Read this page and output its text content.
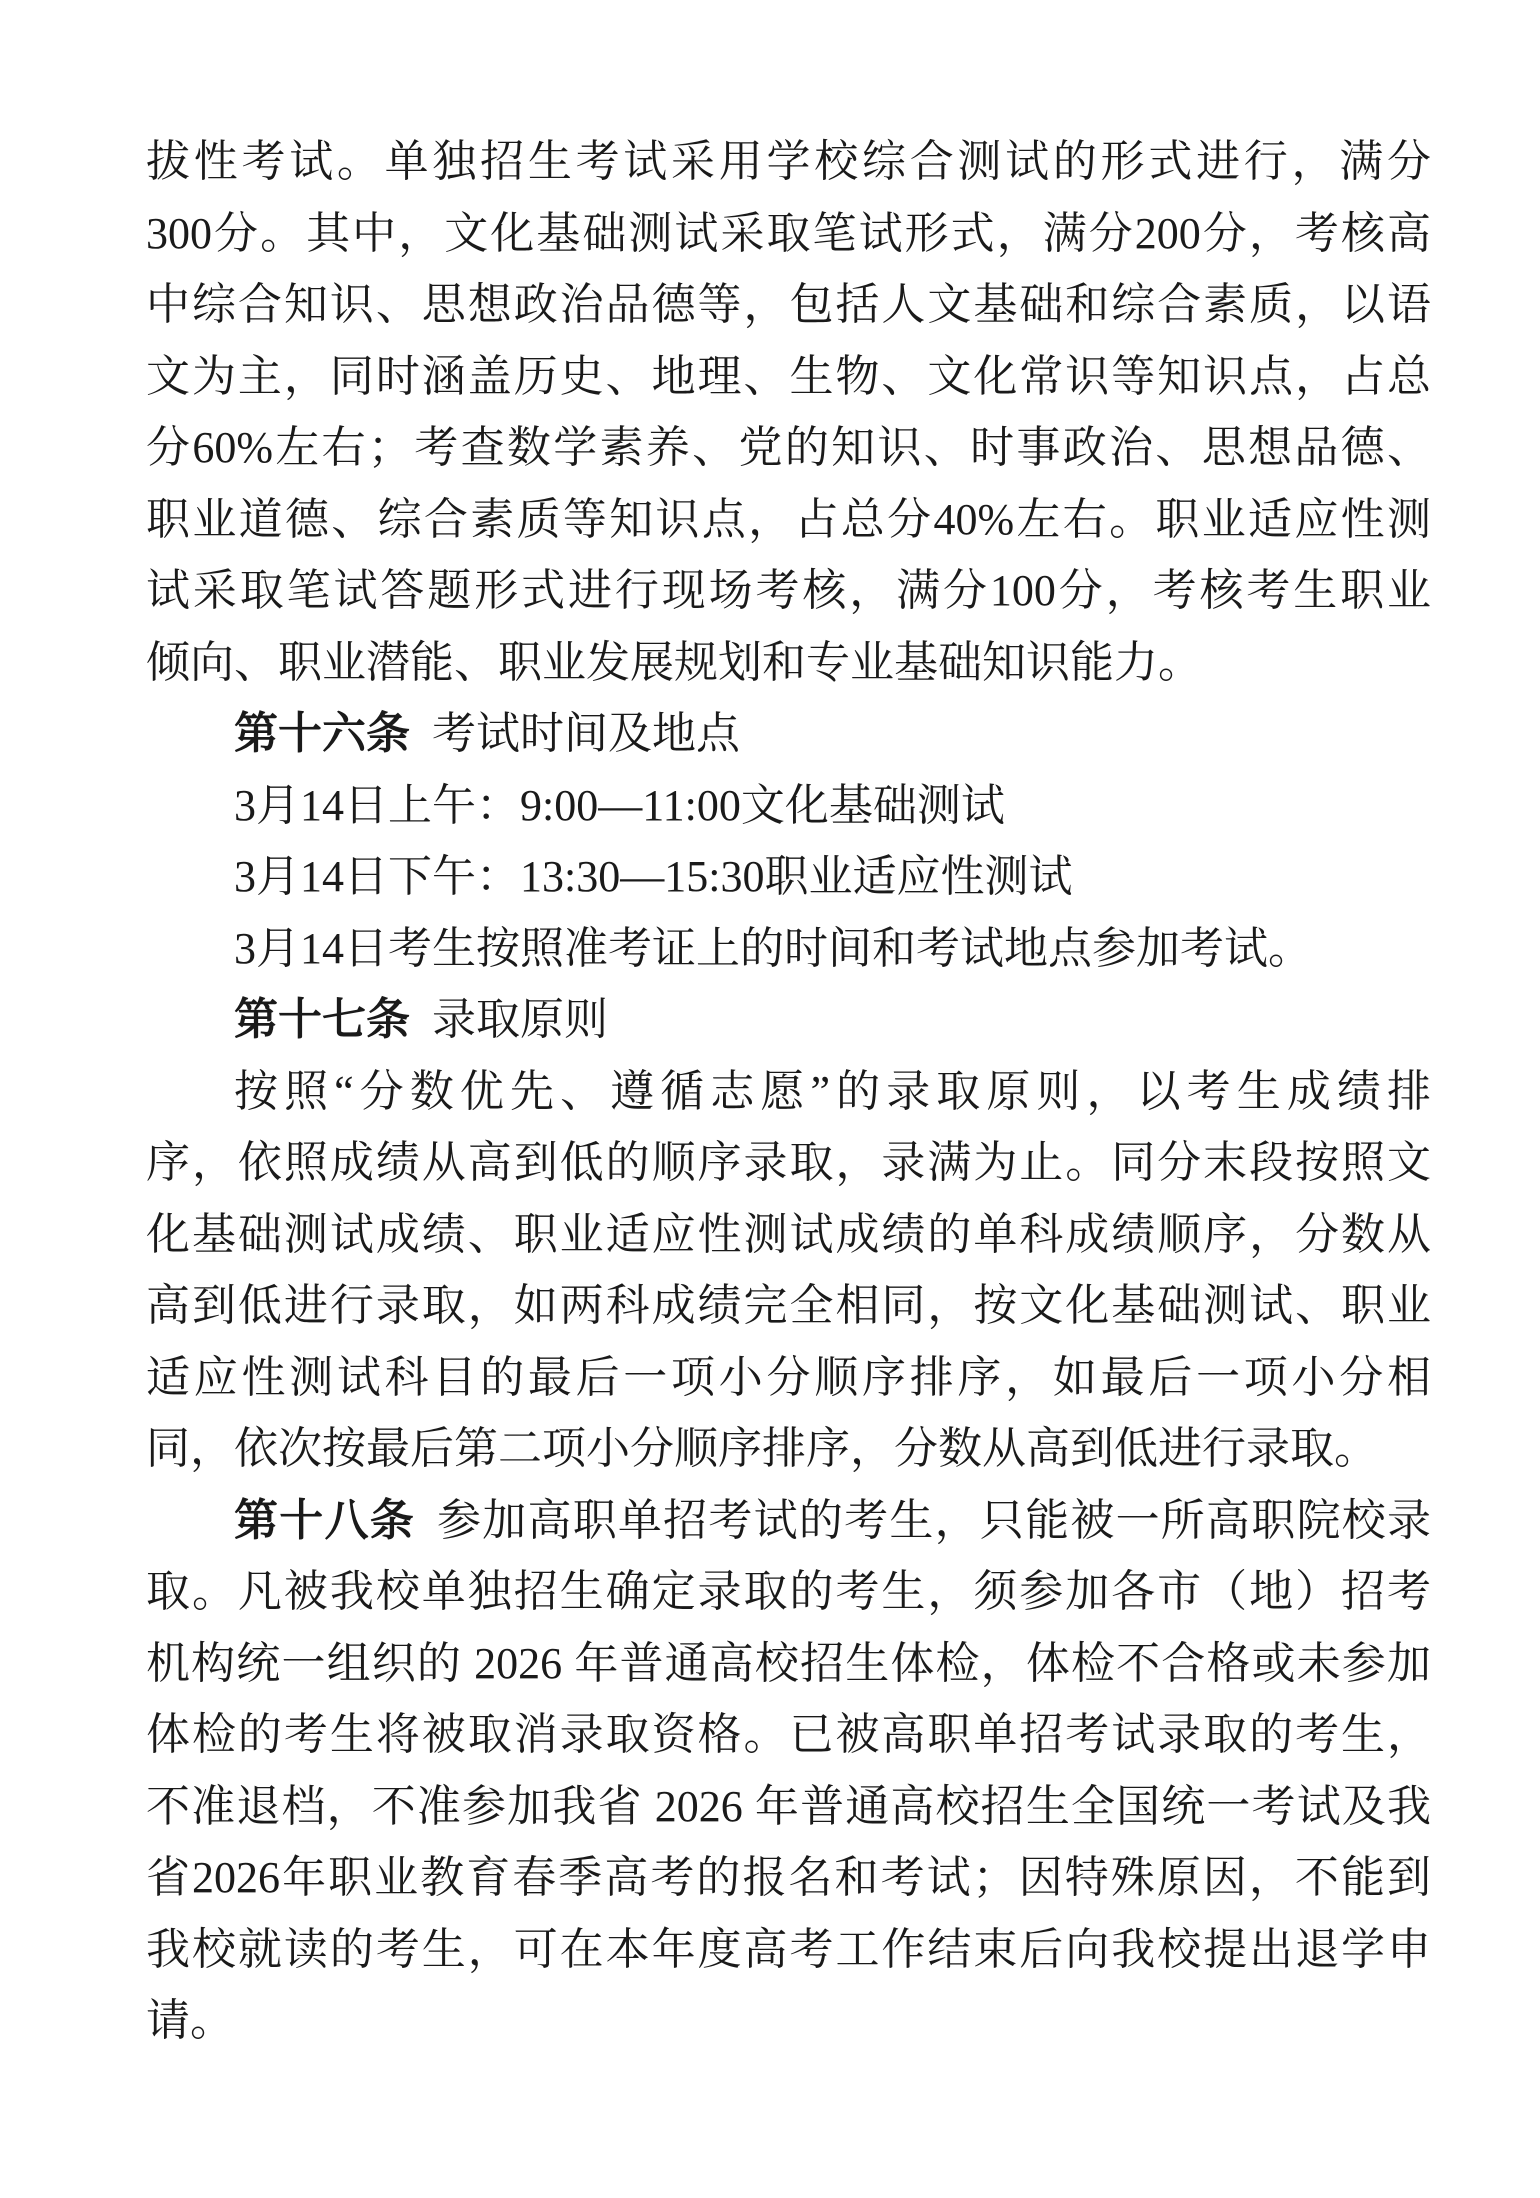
拔性考试。单独招生考试采用学校综合测试的形式进行，满分
300分。其中，文化基础测试采取笔试形式，满分200分，考核高
中综合知识、思想政治品德等，包括人文基础和综合素质，以语
文为主，同时涵盖历史、地理、生物、文化常识等知识点，占总
分60%左右；考查数学素养、党的知识、时事政治、思想品德、
职业道德、综合素质等知识点，占总分40%左右。职业适应性测
试采取笔试答题形式进行现场考核，满分100分，考核考生职业
倾向、职业潜能、职业发展规划和专业基础知识能力。
第十六条 考试时间及地点
3月14日上午：9:00—11:00文化基础测试
3月14日下午：13:30—15:30职业适应性测试
3月14日考生按照准考证上的时间和考试地点参加考试。
第十七条 录取原则
按照“分数优先、遵循志愿”的录取原则，以考生成绩排
序，依照成绩从高到低的顺序录取，录满为止。同分末段按照文
化基础测试成绩、职业适应性测试成绩的单科成绩顺序，分数从
高到低进行录取，如两科成绩完全相同，按文化基础测试、职业
适应性测试科目的最后一项小分顺序排序，如最后一项小分相
同，依次按最后第二项小分顺序排序，分数从高到低进行录取。
第十八条 参加高职单招考试的考生，只能被一所高职院校录
取。凡被我校单独招生确定录取的考生，须参加各市（地）招考
机构统一组织的 2026 年普通高校招生体检，体检不合格或未参加
体检的考生将被取消录取资格。已被高职单招考试录取的考生，
不准退档，不准参加我省 2026 年普通高校招生全国统一考试及我
省2026年职业教育春季高考的报名和考试；因特殊原因，不能到
我校就读的考生，可在本年度高考工作结束后向我校提出退学申
请。
